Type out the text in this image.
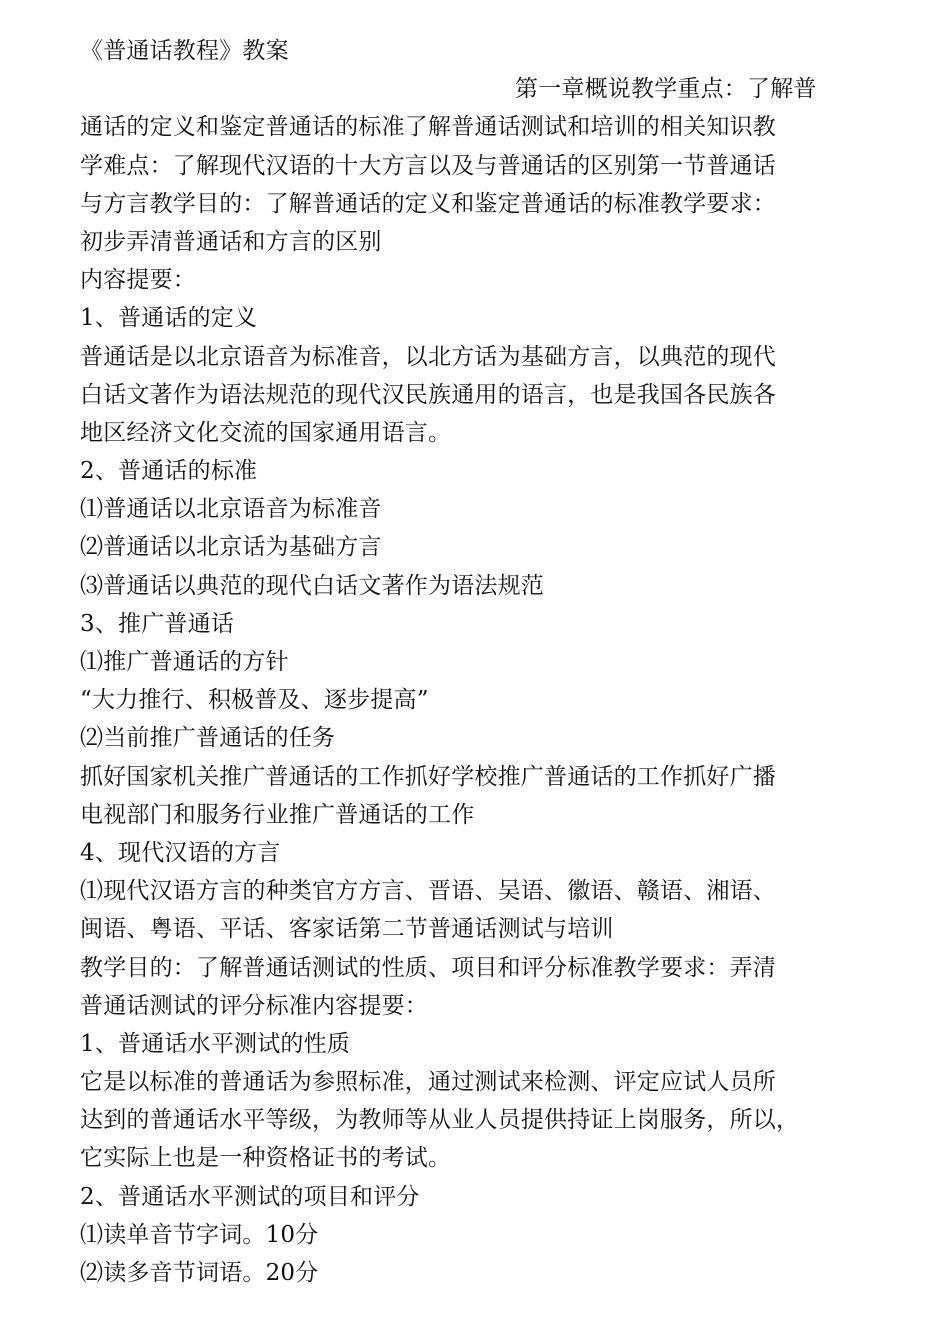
《普通话教程》教案
第一章概说教学重点：了解普
通话的定义和鉴定普通话的标准了解普通话测试和培训的相关知识教
学难点：了解现代汉语的十大方言以及与普通话的区别第一节普通话
与方言教学目的：了解普通话的定义和鉴定普通话的标准教学要求：
初步弄清普通话和方言的区别
内容提要：
1、普通话的定义
普通话是以北京语音为标准音，以北方话为基础方言，以典范的现代
白话文著作为语法规范的现代汉民族通用的语言，也是我国各民族各
地区经济文化交流的国家通用语言。
2、普通话的标准
⑴普通话以北京语音为标准音
⑵普通话以北京话为基础方言
⑶普通话以典范的现代白话文著作为语法规范
3、推广普通话
⑴推广普通话的方针
“大力推行、积极普及、逐步提高”
⑵当前推广普通话的任务
抓好国家机关推广普通话的工作抓好学校推广普通话的工作抓好广播
电视部门和服务行业推广普通话的工作
4、现代汉语的方言
⑴现代汉语方言的种类官方方言、晋语、吴语、徽语、赣语、湘语、
闽语、粤语、平话、客家话第二节普通话测试与培训
教学目的：了解普通话测试的性质、项目和评分标准教学要求：弄清
普通话测试的评分标准内容提要：
1、普通话水平测试的性质
它是以标准的普通话为参照标准，通过测试来检测、评定应试人员所
达到的普通话水平等级，为教师等从业人员提供持证上岗服务，所以，
它实际上也是一种资格证书的考试。
2、普通话水平测试的项目和评分
⑴读单音节字词。10分
⑵读多音节词语。20分
